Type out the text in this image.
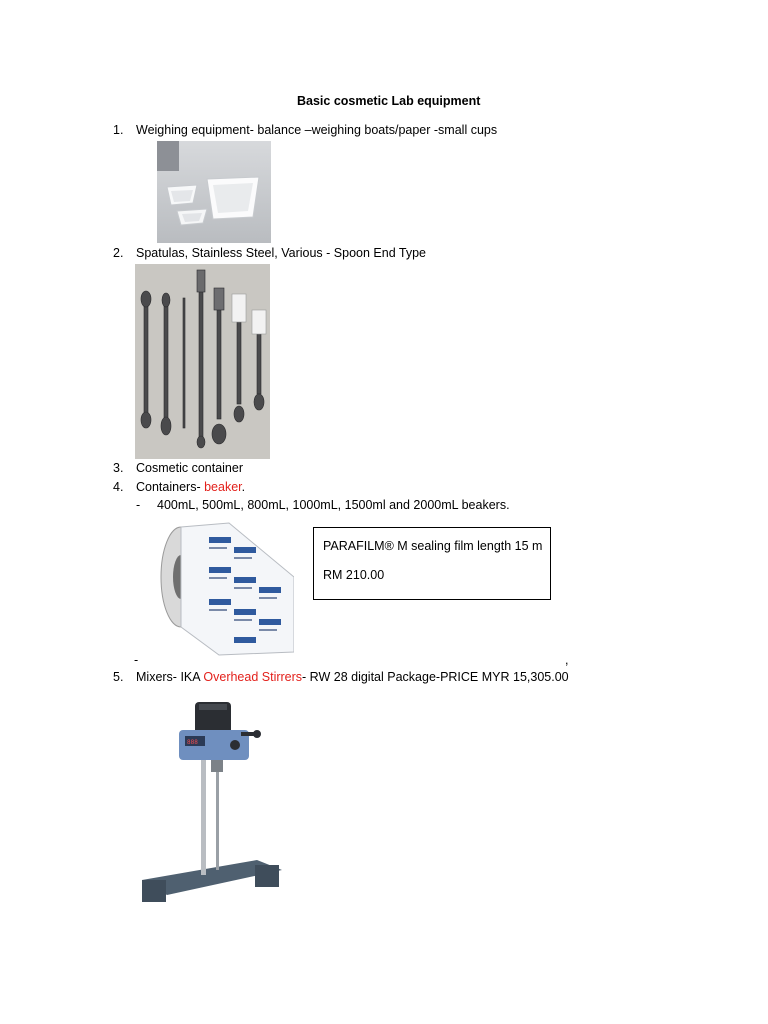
Basic cosmetic Lab equipment
1. Weighing equipment- balance –weighing boats/paper -small cups
2. Spatulas, Stainless Steel, Various - Spoon End Type
3. Cosmetic container
4. Containers- beaker.
- 400mL, 500mL, 800mL, 1000mL, 1500ml and 2000mL beakers.
PARAFILM® M sealing film length 15 m
RM 210.00
-	,
5. Mixers- IKA Overhead Stirrers- RW 28 digital Package-PRICE MYR 15,305.00
888
